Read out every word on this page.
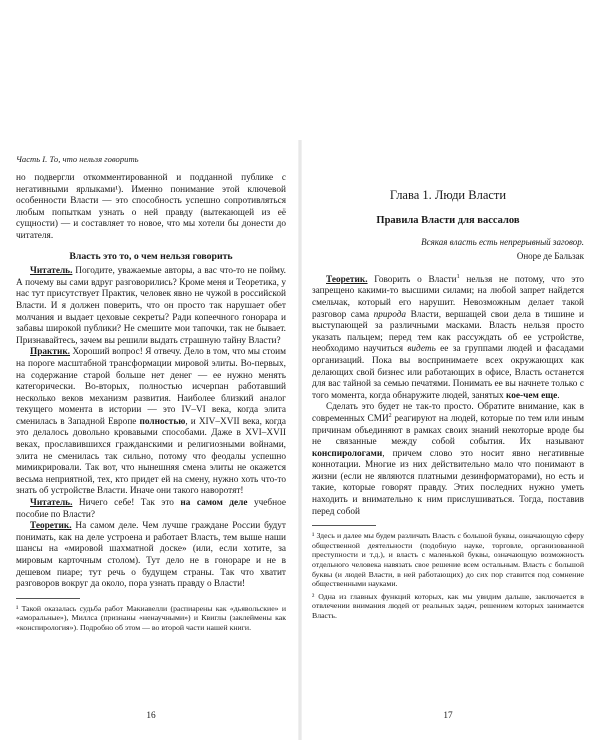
Часть I. То, что нельзя говорить

но подвергли откомментированной и подданной публике с негативными ярлыками¹). Именно понимание этой ключевой особенности Власти — это способность успешно сопротивляться любым попыткам узнать о ней правду (вытекающей из её сущности) — и составляет то новое, что мы хотели бы донести до читателя.

Власть это то, о чем нельзя говорить

Читатель. Погодите, уважаемые авторы, а вас что-то не пойму. А почему вы сами вдруг разговорились? Кроме меня и Теоретика, у нас тут присутствует Практик, человек явно не чужой в российской Власти. И я должен поверить, что он просто так нарушает обет молчания и выдает цеховые секреты? Ради копеечного гонорара и забавы широкой публики? Не смешите мои тапочки, так не бывает. Признавайтесь, зачем вы решили выдать страшную тайну Власти?

Практик. Хороший вопрос! Я отвечу. Дело в том, что мы стоим на пороге масштабной трансформации мировой элиты. Во-первых, на содержание старой больше нет денег — ее нужно менять категорически. Во-вторых, полностью исчерпан работавший несколько веков механизм развития. Наиболее близкий аналог текущего момента в истории — это IV–VI века, когда элита сменилась в Западной Европе полностью, и XIV–XVII века, когда это делалось довольно кровавыми способами. Даже в XVI–XVII веках, прославившихся гражданскими и религиозными войнами, элита не сменилась так сильно, потому что феодалы успешно мимикрировали. Так вот, что нынешняя смена элиты не окажется весьма неприятной, тех, кто придет ей на смену, нужно хоть что-то знать об устройстве Власти. Иначе они такого наворотят!

Читатель. Ничего себе! Так это на самом деле учебное пособие по Власти?

Теоретик. На самом деле. Чем лучше граждане России будут понимать, как на деле устроена и работает Власть, тем выше наши шансы на «мировой шахматной доске» (или, если хотите, за мировым карточным столом). Тут дело не в гонораре и не в дешевом пиаре; тут речь о будущем страны. Так что хватит разговоров вокруг да около, пора узнать правду о Власти!

¹ Такой оказалась судьба работ Макиавелли (распиарены как «дьявольские» и «аморальные»), Миллса (признаны «ненаучными») и Квиглы (заклеймены как «конспирология»). Подробно об этом — во второй части нашей книги.

16
Глава 1. Люди Власти
Правила Власти для вассалов
Всякая власть есть непрерывный заговор.
Оноре де Бальзак

Теоретик. Говорить о Власти$^1$ нельзя не потому, что это запрещено какими-то высшими силами; на любой запрет найдется смельчак, который его нарушит. Невозможным делает такой разговор сама природа Власти, вершащей свои дела в тишине и выступающей за различными масками. Власть нельзя просто указать пальцем; перед тем как рассуждать об ее устройстве, необходимо научиться видеть ее за группами людей и фасадами организаций. Пока вы воспринимаете всех окружающих как делающих свой бизнес или работающих в офисе, Власть останется для вас тайной за семью печатями. Понимать ее вы начнете только с того момента, когда обнаружите людей, занятых кое-чем еще.

Сделать это будет не так-то просто. Обратите внимание, как в современных СМИ$^2$ реагируют на людей, которые по тем или иным причинам объединяют в рамках своих знаний некоторые вроде бы не связанные между собой события. Их называют конспирологами, причем слово это носит явно негативные коннотации. Многие из них действительно мало что понимают в жизни (если не являются платными дезинформаторами), но есть и такие, которые говорят правду. Этих последних нужно уметь находить и внимательно к ним прислушиваться. Тогда, поставив перед собой

¹ Здесь и далее мы будем различать Власть с большой буквы, означающую сферу общественной деятельности (подобную науке, торговле, организованной преступности и т.д.), и власть с маленькой буквы, означающую возможность отдельного человека навязать свое решение всем остальным. Власть с большой буквы (и людей Власти, в ней работающих) до сих пор ставится под сомнение общественными науками.

² Одна из главных функций которых, как мы увидим дальше, заключается в отвлечении внимания людей от реальных задач, решением которых занимается Власть.

17
